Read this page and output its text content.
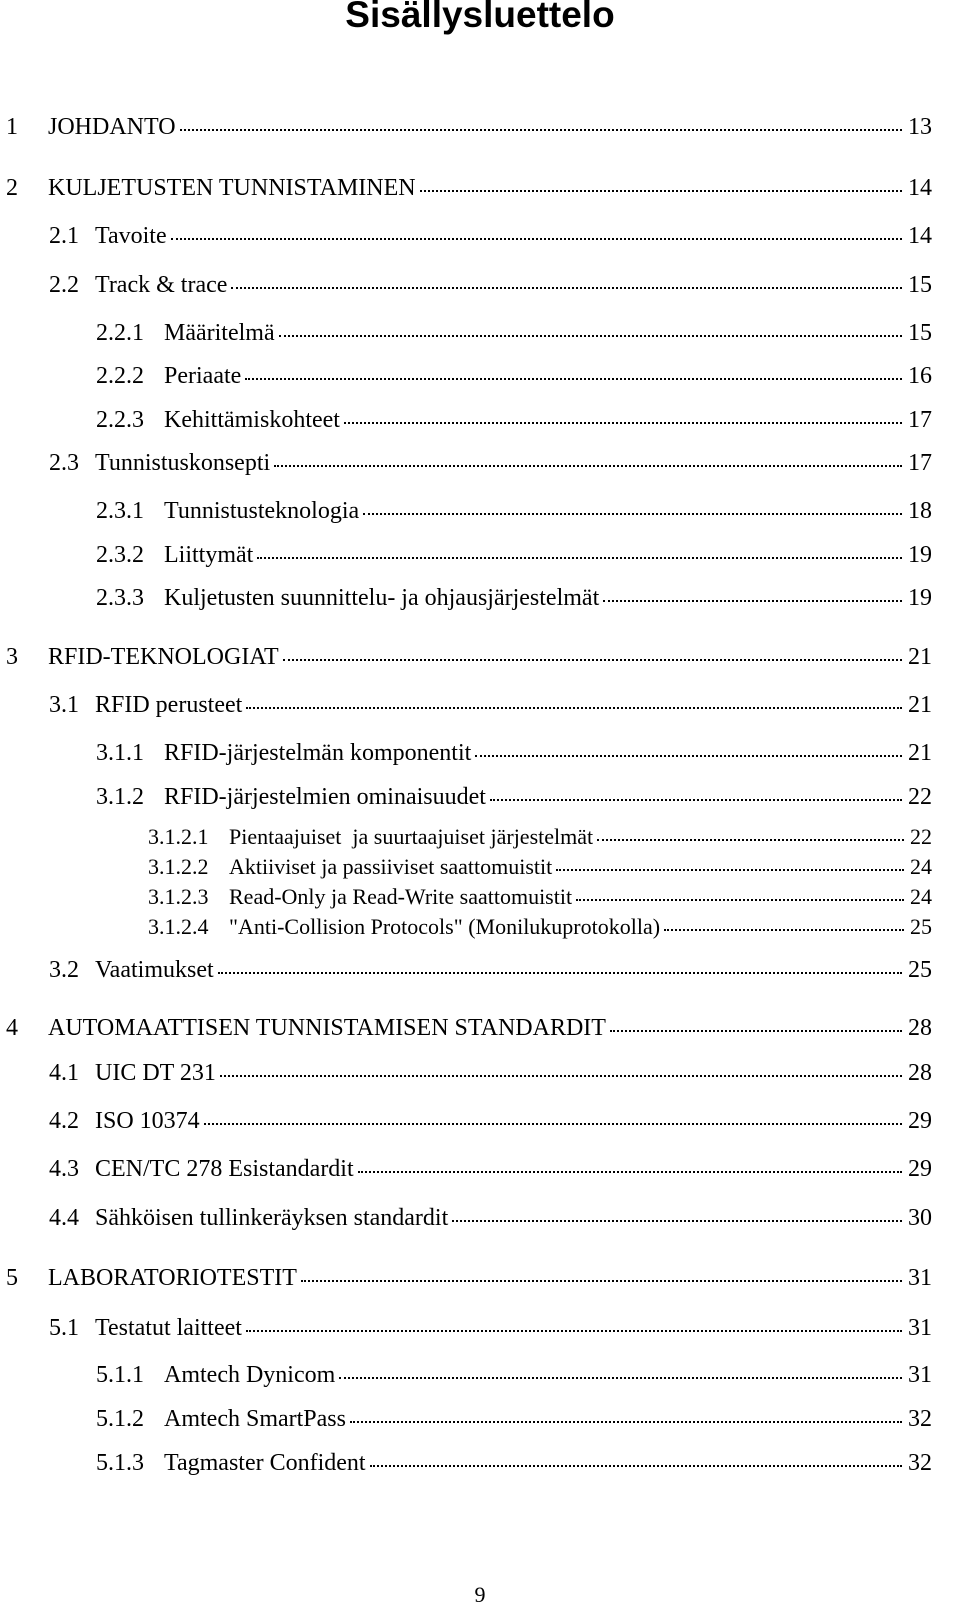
Sisällysluettelo
1	JOHDANTO	13
2	KULJETUSTEN TUNNISTAMINEN	14
2.1 Tavoite	14
2.2 Track & trace	15
2.2.1 Määritelmä	15
2.2.2 Periaate	16
2.2.3 Kehittämiskohteet	17
2.3 Tunnistuskonsepti	17
2.3.1 Tunnistusteknologia	18
2.3.2 Liittymät	19
2.3.3 Kuljetusten suunnittelu- ja ohjausjärjestelmät	19
3	RFID-TEKNOLOGIAT	21
3.1 RFID perusteet	21
3.1.1 RFID-järjestelmän komponentit	21
3.1.2 RFID-järjestelmien ominaisuudet	22
3.1.2.1 Pientaajuiset  ja suurtaajuiset järjestelmät	22
3.1.2.2 Aktiiviset ja passiiviset saattomuistit	24
3.1.2.3 Read-Only ja Read-Write saattomuistit	24
3.1.2.4 "Anti-Collision Protocols" (Monilukuprotokolla)	25
3.2 Vaatimukset	25
4	AUTOMAATTISEN TUNNISTAMISEN STANDARDIT	28
4.1 UIC DT 231	28
4.2 ISO 10374	29
4.3 CEN/TC 278 Esistandardit	29
4.4 Sähköisen tullinkeräyksen standardit	30
5	LABORATORIOTESTIT	31
5.1 Testatut laitteet	31
5.1.1 Amtech Dynicom	31
5.1.2 Amtech SmartPass	32
5.1.3 Tagmaster Confident	32
9
